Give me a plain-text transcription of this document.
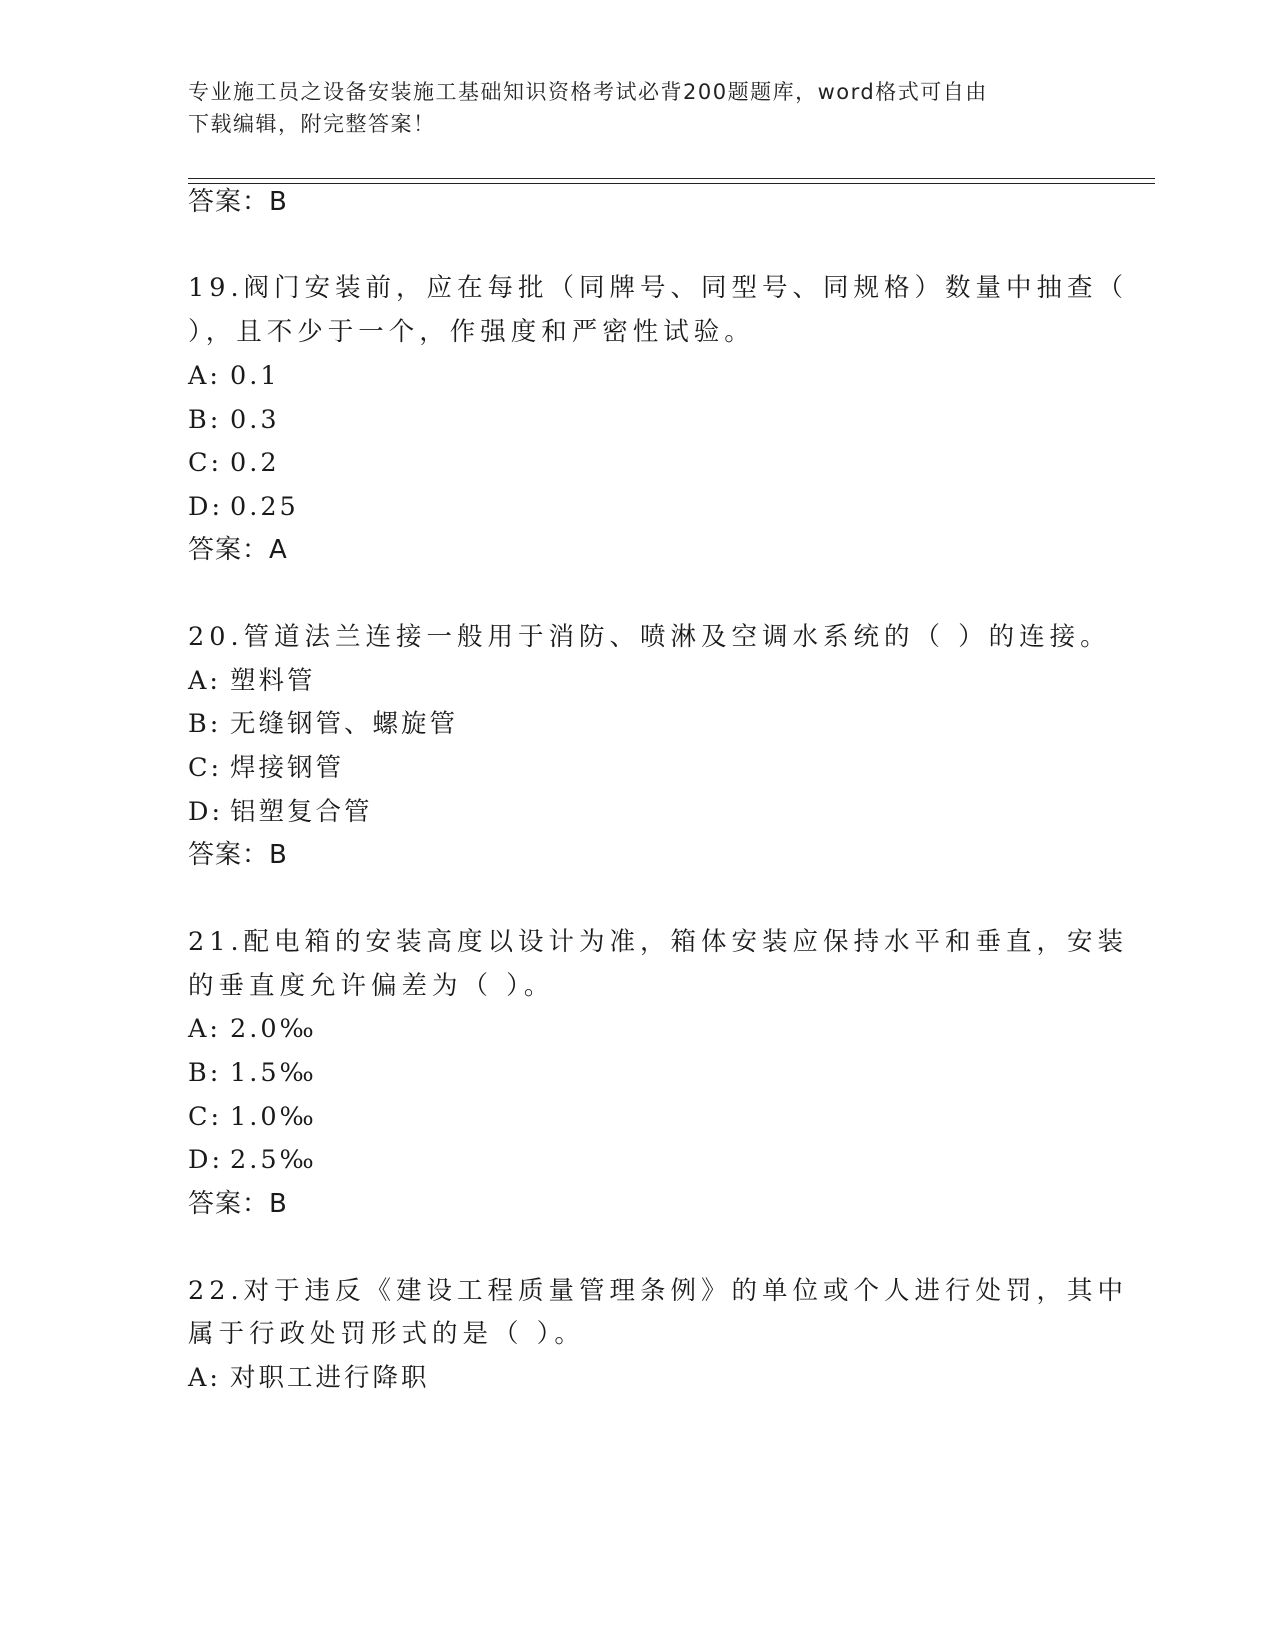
专业施工员之设备安装施工基础知识资格考试必背200题题库，word格式可自由
下载编辑，附完整答案！
答案：B
19.阀门安装前，应在每批（同牌号、同型号、同规格）数量中抽查（
），且不少于一个，作强度和严密性试验。
A: 0.1
B: 0.3
C: 0.2
D: 0.25
答案：A
20.管道法兰连接一般用于消防、喷淋及空调水系统的（ ）的连接。
A: 塑料管
B: 无缝钢管、螺旋管
C: 焊接钢管
D: 铝塑复合管
答案：B
21.配电箱的安装高度以设计为准，箱体安装应保持水平和垂直，安装
的垂直度允许偏差为（ ）。
A: 2.0‰
B: 1.5‰
C: 1.0‰
D: 2.5‰
答案：B
22.对于违反《建设工程质量管理条例》的单位或个人进行处罚，其中
属于行政处罚形式的是（ ）。
A: 对职工进行降职
